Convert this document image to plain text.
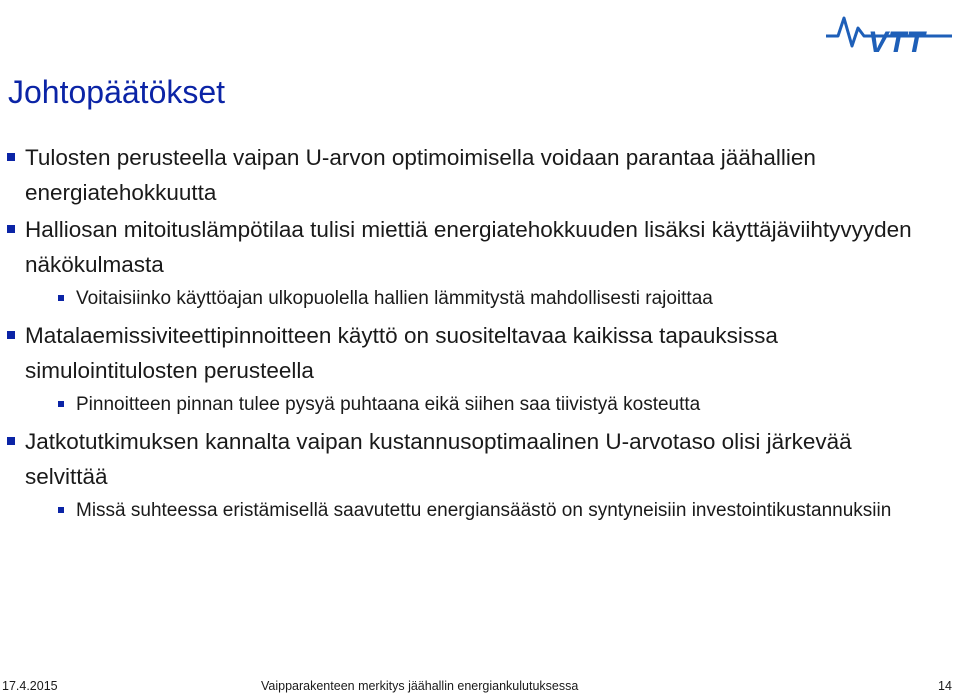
VTT
Johtopäätökset
Tulosten perusteella vaipan U-arvon optimoimisella voidaan parantaa jäähallien energiatehokkuutta
Halliosan mitoituslämpötilaa tulisi miettiä energiatehokkuuden lisäksi käyttäjäviihtyvyyden näkökulmasta
Voitaisiinko käyttöajan ulkopuolella hallien lämmitystä mahdollisesti rajoittaa
Matalaemissiviteettipinnoitteen käyttö on suositeltavaa kaikissa tapauksissa simulointitulosten perusteella
Pinnoitteen pinnan tulee pysyä puhtaana eikä siihen saa tiivistyä kosteutta
Jatkotutkimuksen kannalta vaipan kustannusoptimaalinen U-arvotaso olisi järkevää selvittää
Missä suhteessa eristämisellä saavutettu energiansäästö on syntyneisiin investointikustannuksiin
17.4.2015	Vaipparakenteen merkitys jäähallin energiankulutuksessa	14
